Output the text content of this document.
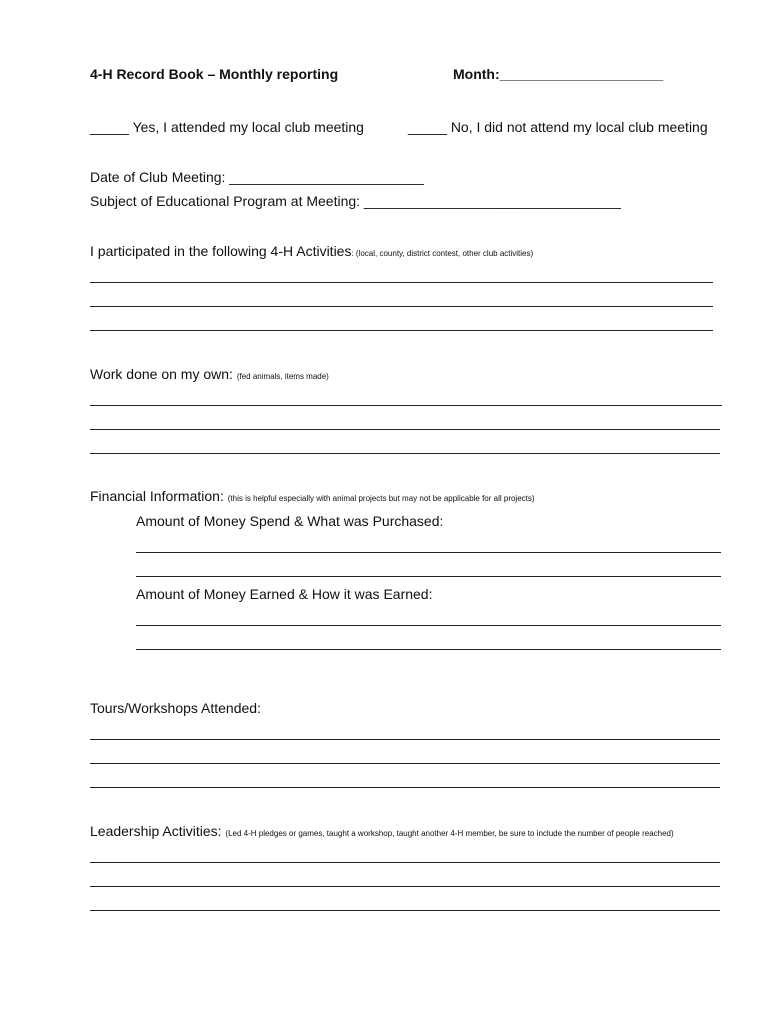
4-H Record Book – Monthly reporting	Month:_____________________
_____ Yes, I attended my local club meeting	_____ No, I did not attend my local club meeting
Date of Club Meeting: _________________________
Subject of Educational Program at Meeting: _________________________________
I participated in the following 4-H Activities: (local, county, district contest, other club activities)
Work done on my own: (fed animals, items made)
Financial Information: (this is helpful especially with animal projects but may not be applicable for all projects)
Amount of Money Spend & What was Purchased:
Amount of Money Earned & How it was Earned:
Tours/Workshops Attended:
Leadership Activities: (Led 4-H pledges or games, taught a workshop, taught another 4-H member, be sure to include the number of people reached)
